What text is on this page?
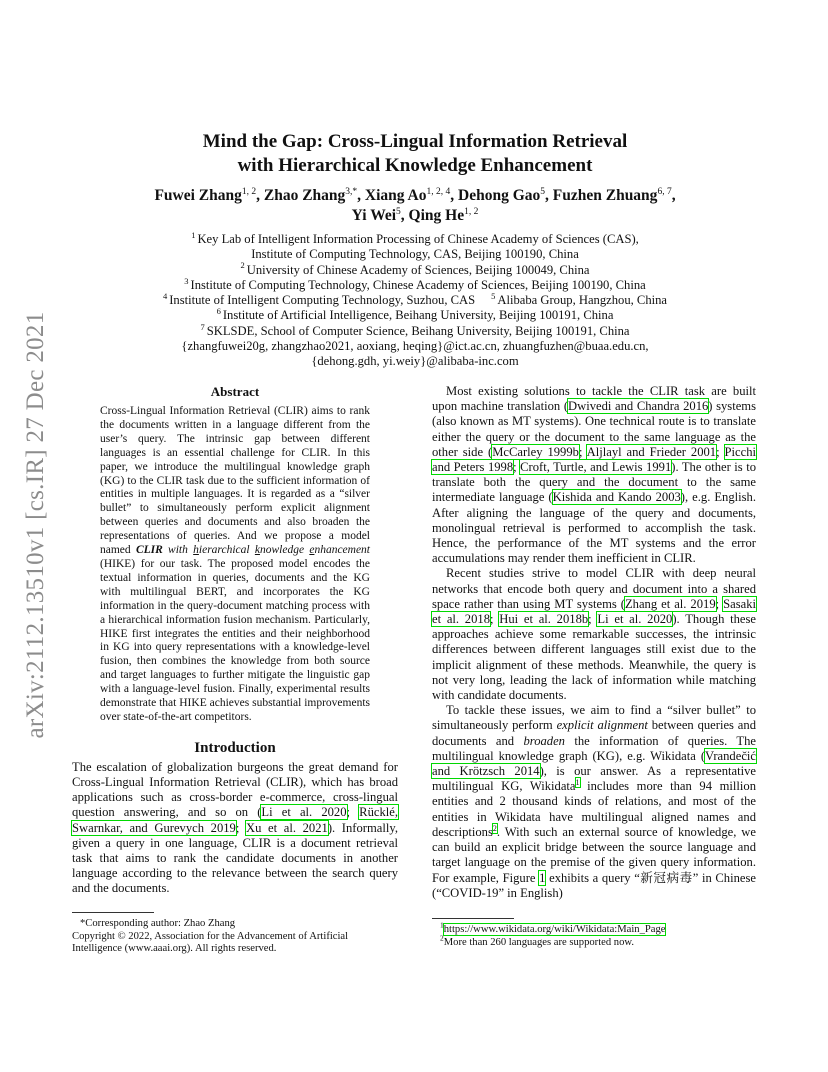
arXiv:2112.13510v1 [cs.IR] 27 Dec 2021
Mind the Gap: Cross-Lingual Information Retrieval
with Hierarchical Knowledge Enhancement
Fuwei Zhang$^{1, 2}$, Zhao Zhang$^{3,*}$, Xiang Ao$^{1, 2, 4}$, Dehong Gao$^5$, Fuzhen Zhuang$^{6, 7}$,
Yi Wei$^5$, Qing He$^{1, 2}$
$^1$ Key Lab of Intelligent Information Processing of Chinese Academy of Sciences (CAS),
Institute of Computing Technology, CAS, Beijing 100190, China
$^2$ University of Chinese Academy of Sciences, Beijing 100049, China
$^3$ Institute of Computing Technology, Chinese Academy of Sciences, Beijing 100190, China
$^4$ Institute of Intelligent Computing Technology, Suzhou, CAS $^5$ Alibaba Group, Hangzhou, China
$^6$ Institute of Artificial Intelligence, Beihang University, Beijing 100191, China
$^7$ SKLSDE, School of Computer Science, Beihang University, Beijing 100191, China
{zhangfuwei20g, zhangzhao2021, aoxiang, heqing}@ict.ac.cn, zhuangfuzhen@buaa.edu.cn,
{dehong.gdh, yi.weiy}@alibaba-inc.com
Abstract
Cross-Lingual Information Retrieval (CLIR) aims to rank the documents written in a language different from the user’s query. The intrinsic gap between different languages is an essential challenge for CLIR. In this paper, we introduce the multilingual knowledge graph (KG) to the CLIR task due to the sufficient information of entities in multiple languages. It is regarded as a “silver bullet” to simultaneously perform explicit alignment between queries and documents and also broaden the representations of queries. And we propose a model named CLIR with hierarchical knowledge enhancement (HIKE) for our task. The proposed model encodes the textual information in queries, documents and the KG with multilingual BERT, and incorporates the KG information in the query-document matching process with a hierarchical information fusion mechanism. Particularly, HIKE first integrates the entities and their neighborhood in KG into query representations with a knowledge-level fusion, then combines the knowledge from both source and target languages to further mitigate the linguistic gap with a language-level fusion. Finally, experimental results demonstrate that HIKE achieves substantial improvements over state-of-the-art competitors.
Introduction

The escalation of globalization burgeons the great demand for Cross-Lingual Information Retrieval (CLIR), which has broad applications such as cross-border e-commerce, cross-lingual question answering, and so on (Li et al. 2020; Rücklé, Swarnkar, and Gurevych 2019; Xu et al. 2021). Informally, given a query in one language, CLIR is a document retrieval task that aims to rank the candidate documents in another language according to the relevance between the search query and the documents.

*Corresponding author: Zhao Zhang
Copyright © 2022, Association for the Advancement of Artificial Intelligence (www.aaai.org). All rights reserved.

Most existing solutions to tackle the CLIR task are built upon machine translation (Dwivedi and Chandra 2016) systems (also known as MT systems). One technical route is to translate either the query or the document to the same language as the other side (McCarley 1999b; Aljlayl and Frieder 2001; Picchi and Peters 1998; Croft, Turtle, and Lewis 1991). The other is to translate both the query and the document to the same intermediate language (Kishida and Kando 2003), e.g. English. After aligning the language of the query and documents, monolingual retrieval is performed to accomplish the task. Hence, the performance of the MT systems and the error accumulations may render them inefficient in CLIR.

Recent studies strive to model CLIR with deep neural networks that encode both query and document into a shared space rather than using MT systems (Zhang et al. 2019; Sasaki et al. 2018; Hui et al. 2018b; Li et al. 2020). Though these approaches achieve some remarkable successes, the intrinsic differences between different languages still exist due to the implicit alignment of these methods. Meanwhile, the query is not very long, leading the lack of information while matching with candidate documents.

To tackle these issues, we aim to find a “silver bullet” to simultaneously perform explicit alignment between queries and documents and broaden the information of queries. The multilingual knowledge graph (KG), e.g. Wikidata (Vrandečić and Krötzsch 2014), is our answer. As a representative multilingual KG, Wikidata$^1$ includes more than 94 million entities and 2 thousand kinds of relations, and most of the entities in Wikidata have multilingual aligned names and descriptions$^2$. With such an external source of knowledge, we can build an explicit bridge between the source language and target language on the premise of the given query information. For example, Figure 1 exhibits a query “新冠病毒” in Chinese (“COVID-19” in English)

$^1$https://www.wikidata.org/wiki/Wikidata:Main_Page
$^2$More than 260 languages are supported now.
